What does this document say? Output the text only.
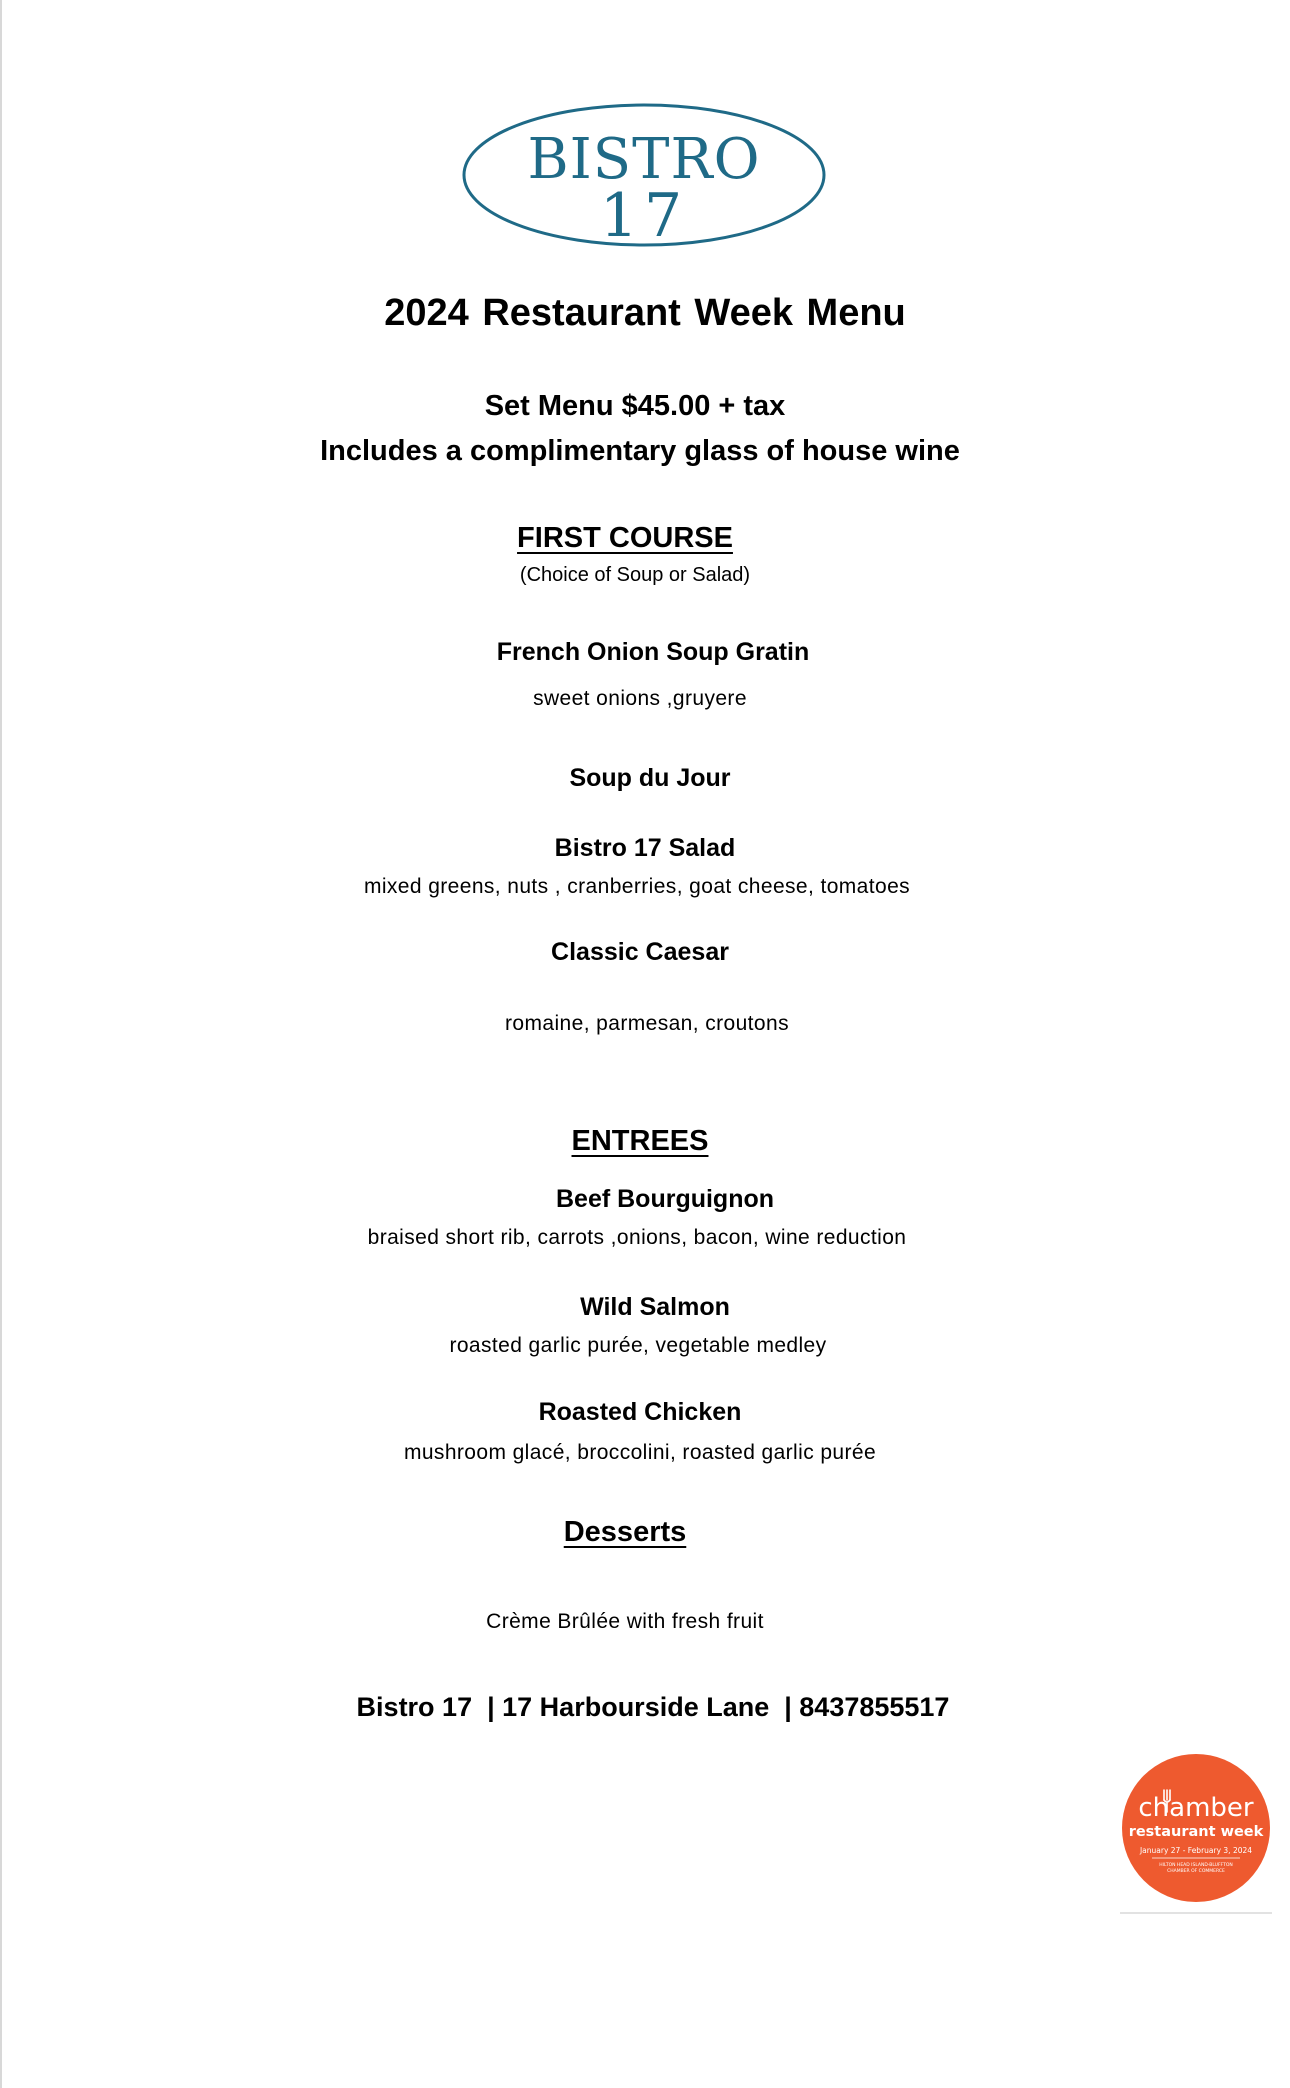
BISTRO
17
2024 Restaurant Week Menu
Set Menu $45.00 + tax
Includes a complimentary glass of house wine
FIRST COURSE
(Choice of Soup or Salad)
French Onion Soup Gratin
sweet onions ,gruyere
Soup du Jour
Bistro 17 Salad
mixed greens, nuts , cranberries, goat cheese, tomatoes
Classic Caesar
romaine, parmesan, croutons
ENTREES
Beef Bourguignon
braised short rib, carrots ,onions, bacon, wine reduction
Wild Salmon
roasted garlic purée, vegetable medley
Roasted Chicken
mushroom glacé, broccolini, roasted garlic purée
Desserts
Crème Brûlée with fresh fruit
Bistro 17  | 17 Harbourside Lane  | 8437855517
chamber
restaurant week
January 27 - February 3, 2024
HILTON HEAD ISLAND-BLUFFTON
CHAMBER OF COMMERCE
